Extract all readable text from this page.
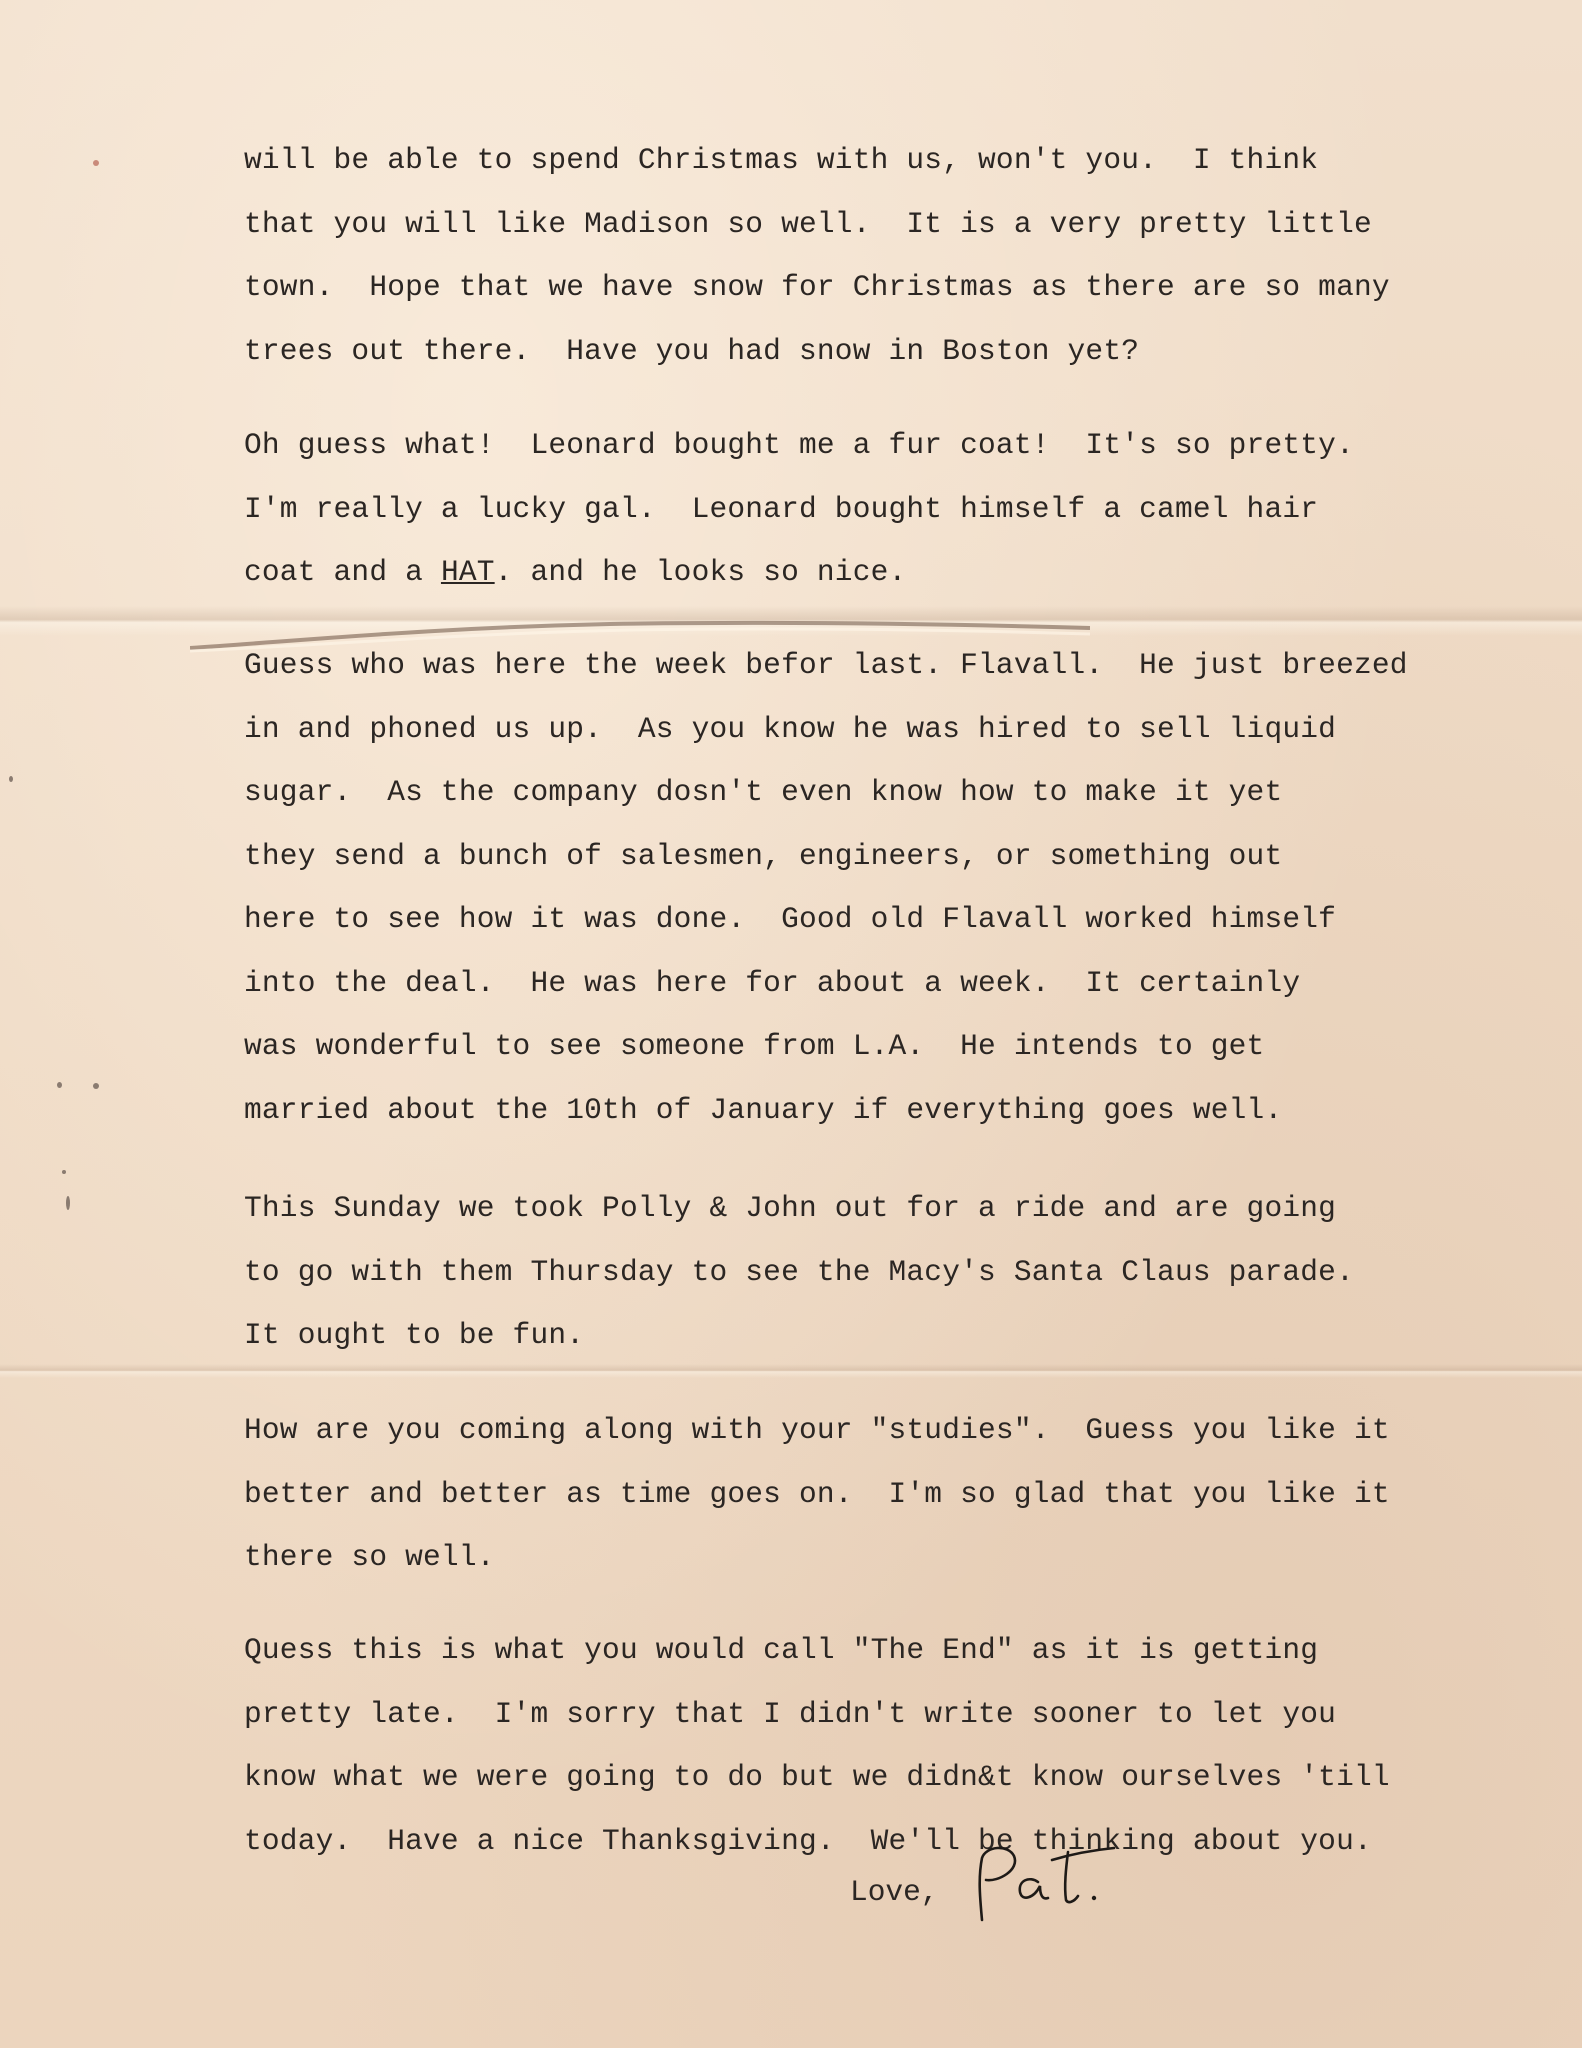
will be able to spend Christmas with us, won't you.  I think
that you will like Madison so well.  It is a very pretty little
town.  Hope that we have snow for Christmas as there are so many
trees out there.  Have you had snow in Boston yet?
Oh guess what!  Leonard bought me a fur coat!  It's so pretty.
I'm really a lucky gal.  Leonard bought himself a camel hair
coat and a HAT. and he looks so nice.
Guess who was here the week befor last. Flavall.  He just breezed
in and phoned us up.  As you know he was hired to sell liquid
sugar.  As the company dosn't even know how to make it yet
they send a bunch of salesmen, engineers, or something out
here to see how it was done.  Good old Flavall worked himself
into the deal.  He was here for about a week.  It certainly
was wonderful to see someone from L.A.  He intends to get
married about the 10th of January if everything goes well.
This Sunday we took Polly & John out for a ride and are going
to go with them Thursday to see the Macy's Santa Claus parade.
It ought to be fun.
How are you coming along with your "studies".  Guess you like it
better and better as time goes on.  I'm so glad that you like it
there so well.
Quess this is what you would call "The End" as it is getting
pretty late.  I'm sorry that I didn't write sooner to let you
know what we were going to do but we didn&t know ourselves 'till
today.  Have a nice Thanksgiving.  We'll be thinking about you.
Love,
